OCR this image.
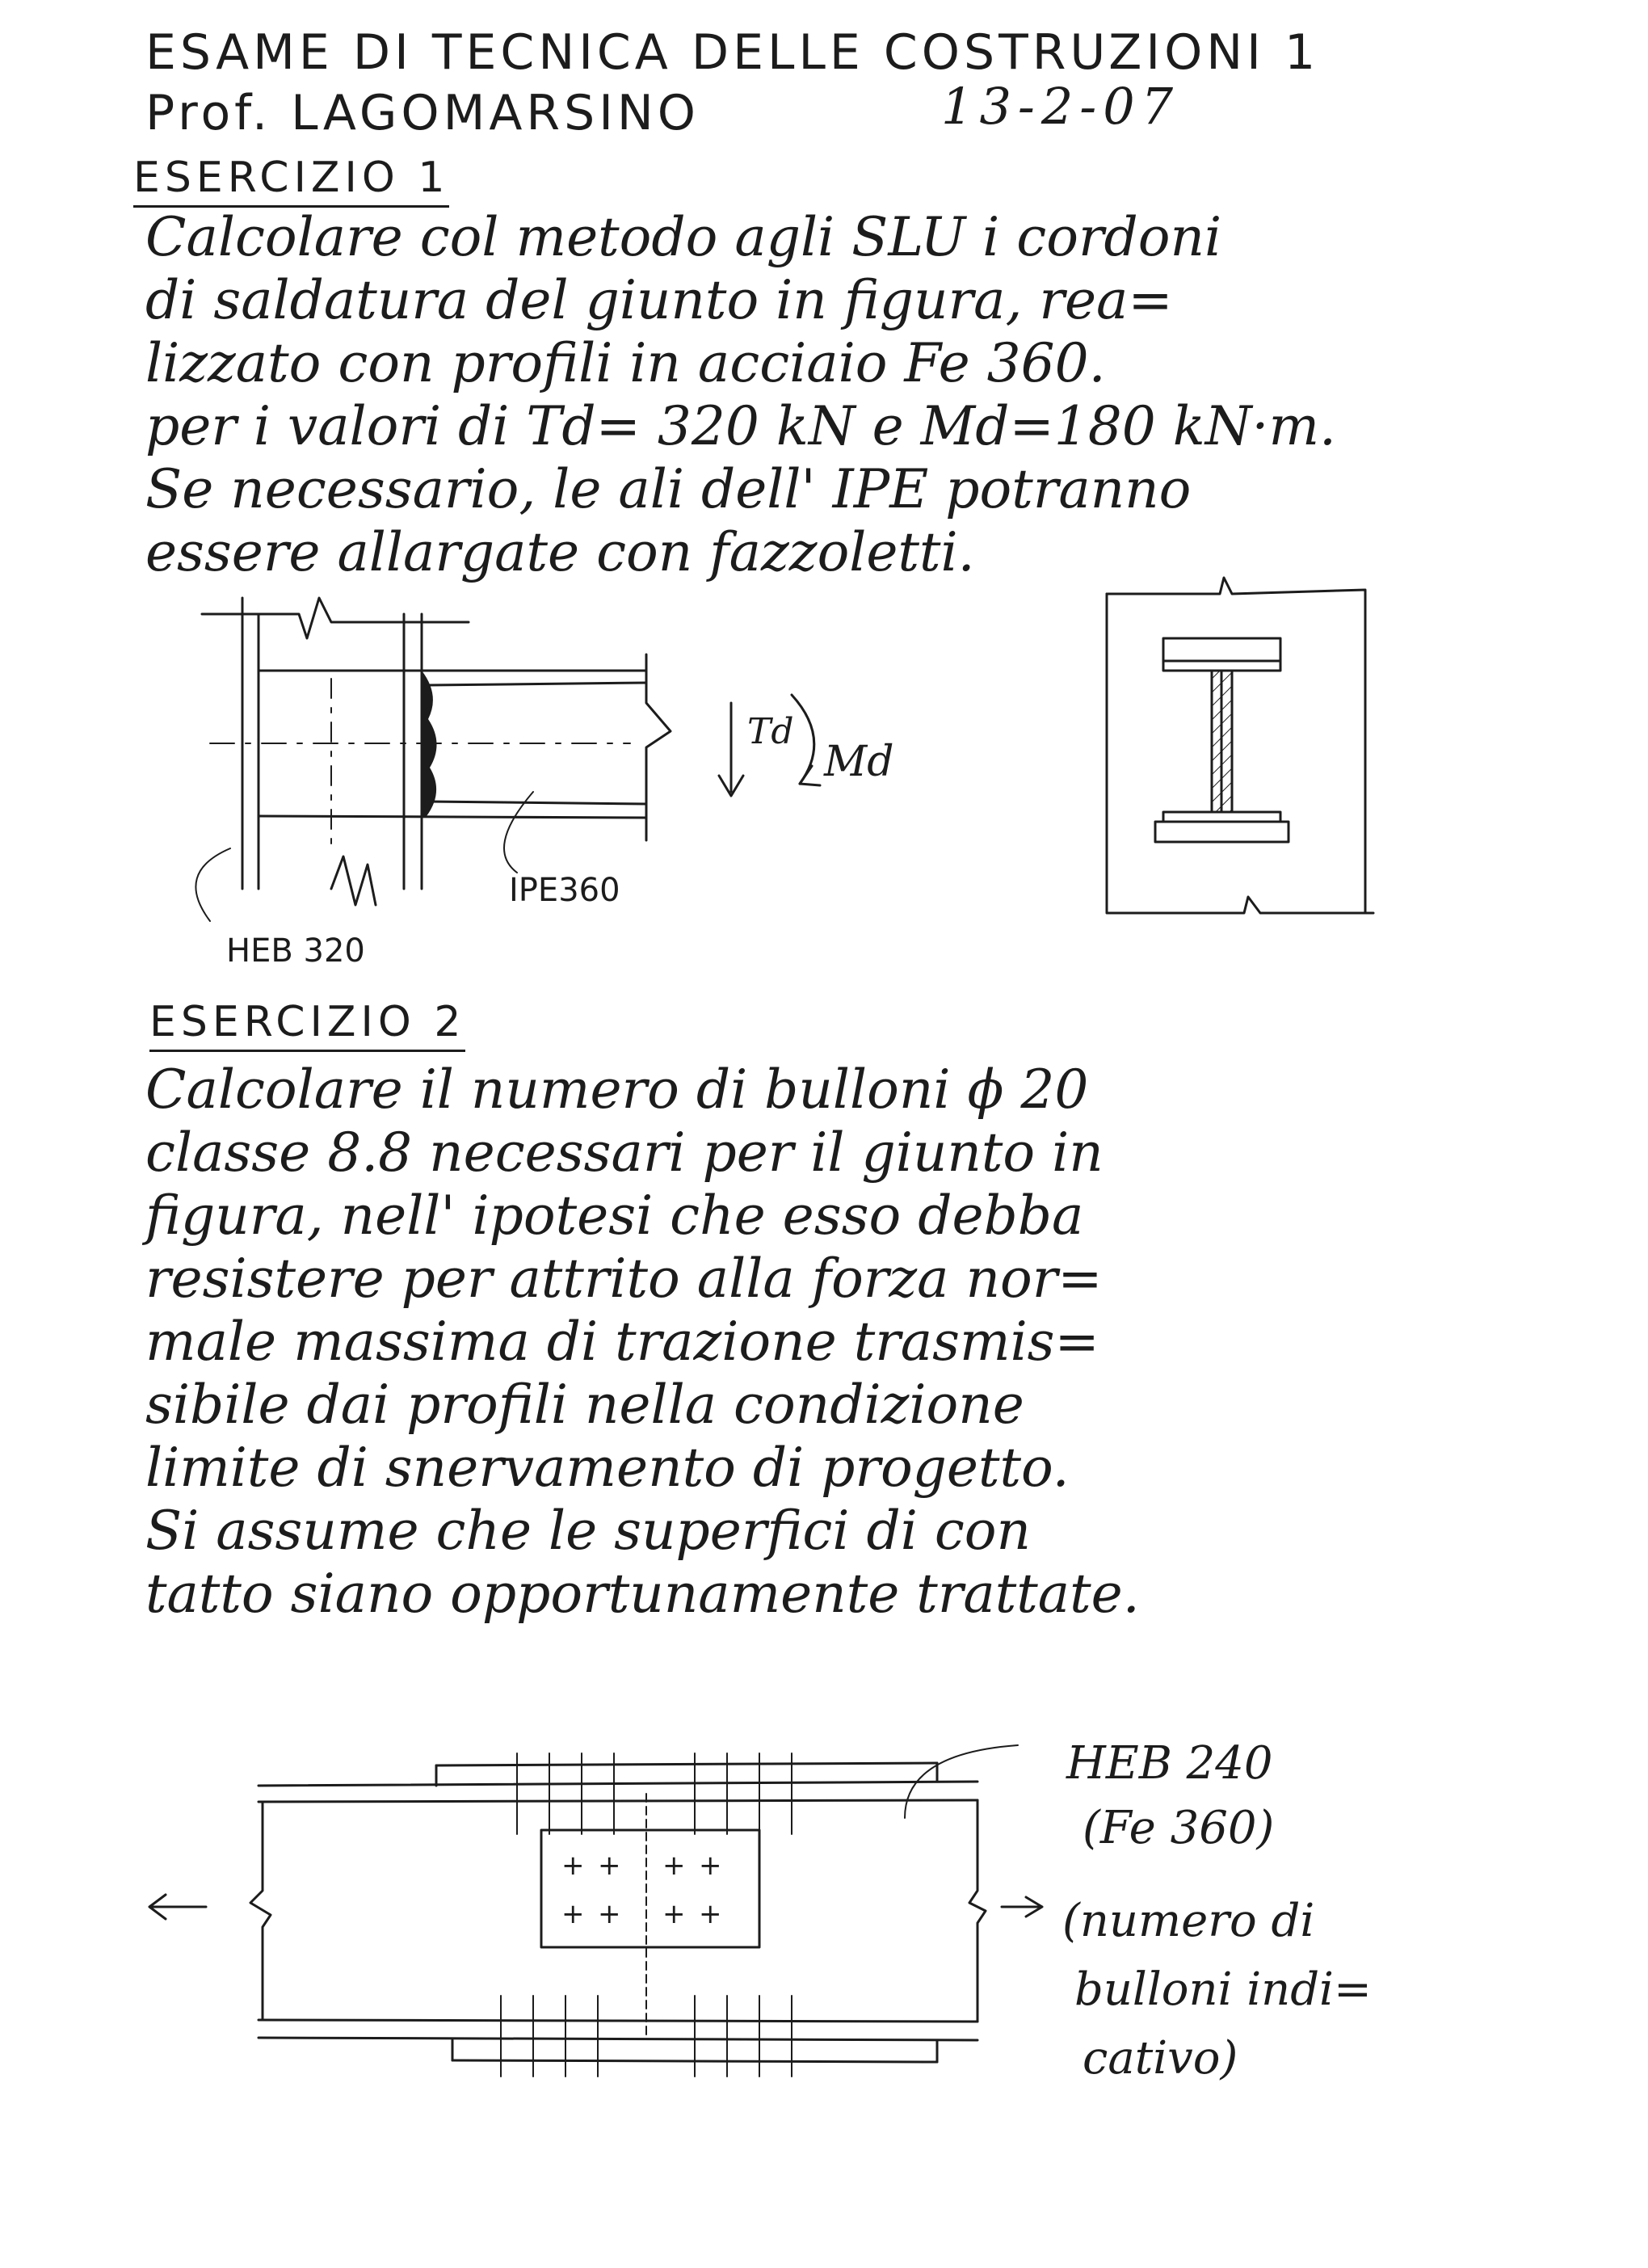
ESAME DI TECNICA DELLE COSTRUZIONI 1
Prof. LAGOMARSINO	13-2-07
ESERCIZIO 1
Calcolare col metodo agli SLU i cordoni
di saldatura del giunto in figura, rea=
lizzato con profili in acciaio Fe 360.
per i valori di Td= 320 kN e Md=180 kN·m.
Se necessario, le ali dell' IPE potranno
essere allargate con fazzoletti.
Td
Md
HEB 320
IPE360
ESERCIZIO 2
Calcolare il numero di bulloni ϕ 20
classe 8.8 necessari per il giunto in
figura, nell' ipotesi che esso debba
resistere per attrito alla forza nor=
male massima di trazione trasmis=
sibile dai profili nella condizione
limite di snervamento di progetto.
Si assume che le superfici di con
tatto siano opportunamente trattate.
+ + + +
+ + + +
HEB 240
(Fe 360)
(numero di
bulloni indi=
cativo)
